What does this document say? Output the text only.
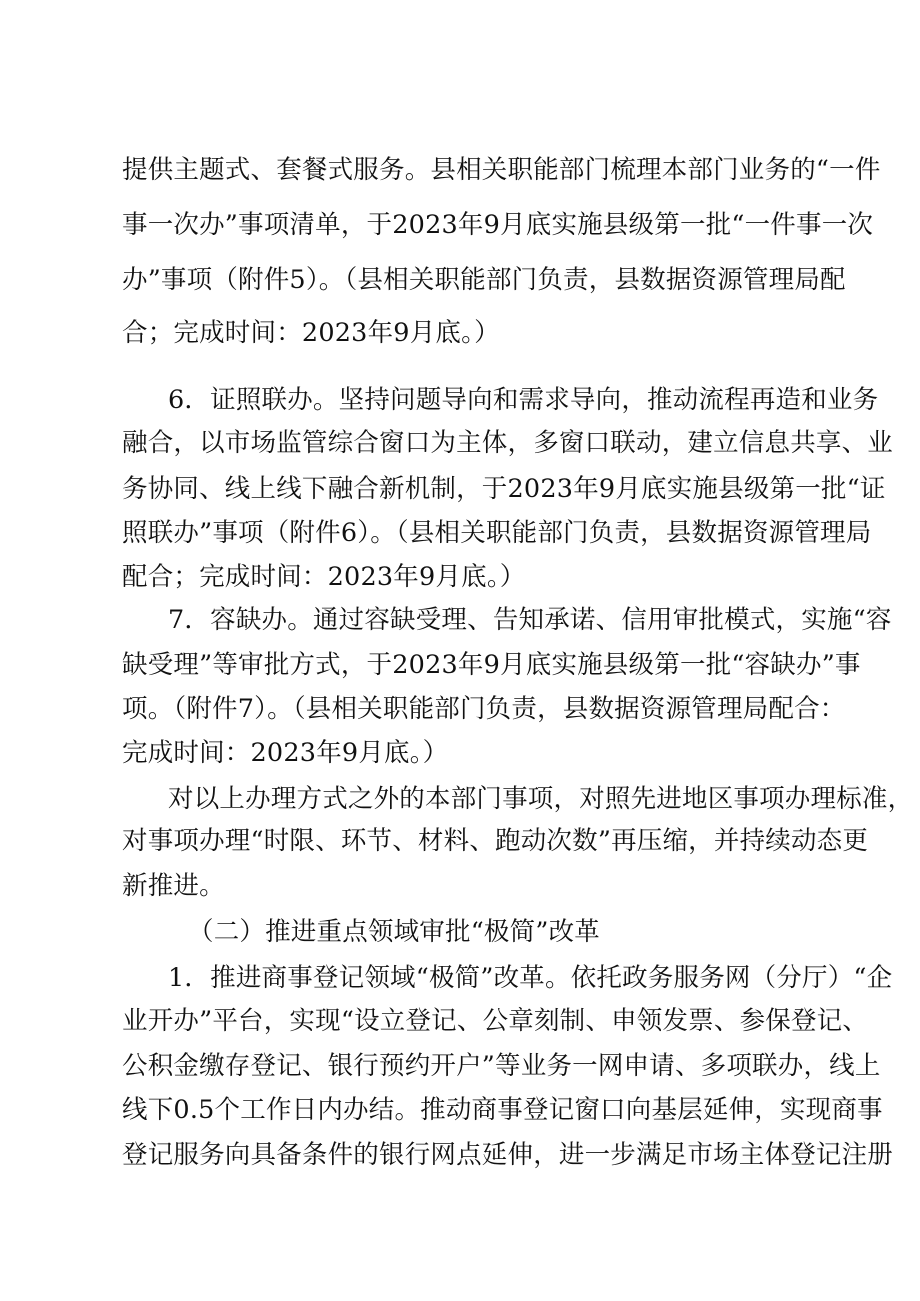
提供主题式、套餐式服务。县相关职能部门梳理本部门业务的“一件
事一次办”事项清单，于2023年9月底实施县级第一批“一件事一次
办”事项（附件5）。（县相关职能部门负责，县数据资源管理局配
合；完成时间：2023年9月底。）
6．证照联办。坚持问题导向和需求导向，推动流程再造和业务
融合，以市场监管综合窗口为主体，多窗口联动，建立信息共享、业
务协同、线上线下融合新机制，于2023年9月底实施县级第一批“证
照联办”事项（附件6）。（县相关职能部门负责，县数据资源管理局
配合；完成时间：2023年9月底。）
7．容缺办。通过容缺受理、告知承诺、信用审批模式，实施“容
缺受理”等审批方式，于2023年9月底实施县级第一批“容缺办”事
项。（附件7）。（县相关职能部门负责，县数据资源管理局配合：
完成时间：2023年9月底。）
对以上办理方式之外的本部门事项，对照先进地区事项办理标准，
对事项办理“时限、环节、材料、跑动次数”再压缩，并持续动态更
新推进。
（二）推进重点领域审批“极简”改革
1．推进商事登记领域“极简”改革。依托政务服务网（分厅）“企
业开办”平台，实现“设立登记、公章刻制、申领发票、参保登记、
公积金缴存登记、银行预约开户”等业务一网申请、多项联办，线上
线下0.5个工作日内办结。推动商事登记窗口向基层延伸，实现商事
登记服务向具备条件的银行网点延伸，进一步满足市场主体登记注册
